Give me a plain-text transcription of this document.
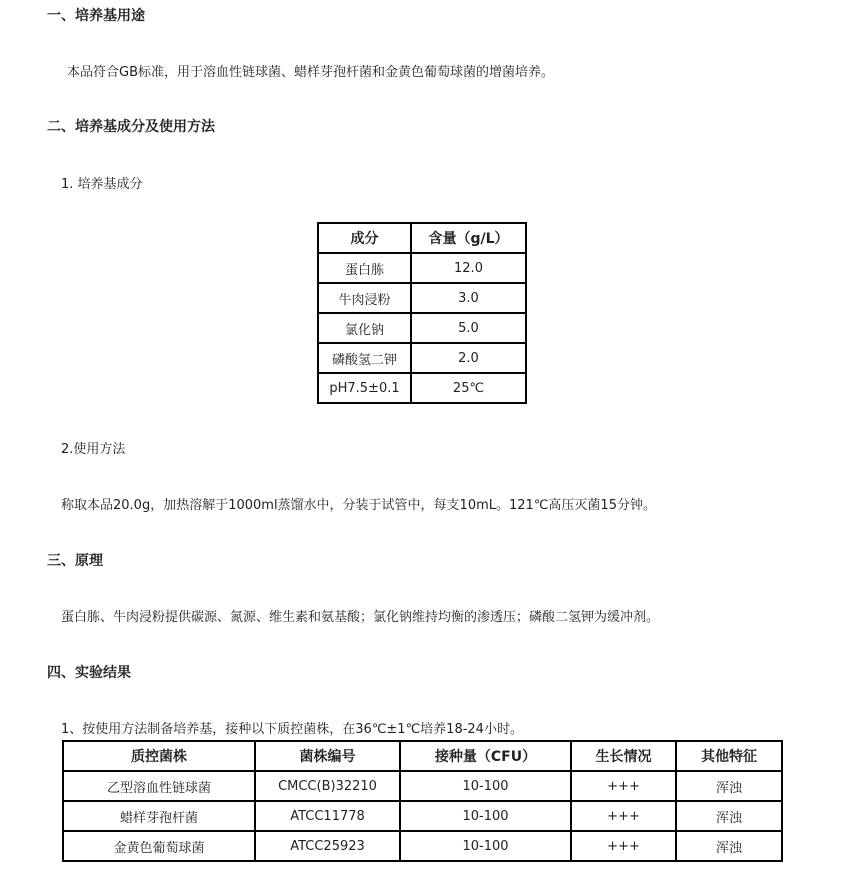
一、培养基用途
本品符合GB标准，用于溶血性链球菌、蜡样芽孢杆菌和金黄色葡萄球菌的增菌培养。
二、培养基成分及使用方法
1. 培养基成分
成分	含量（g/L）
蛋白胨	12.0
牛肉浸粉	3.0
氯化钠	5.0
磷酸氢二钾	2.0
pH7.5±0.1	25℃
2.使用方法
称取本品20.0g，加热溶解于1000ml蒸馏水中，分装于试管中，每支10mL。121℃高压灭菌15分钟。
三、原理
蛋白胨、牛肉浸粉提供碳源、氮源、维生素和氨基酸；氯化钠维持均衡的渗透压；磷酸二氢钾为缓冲剂。
四、实验结果
1、按使用方法制备培养基，接种以下质控菌株，在36℃±1℃培养18-24小时。
质控菌株	菌株编号	接种量（CFU）	生长情况	其他特征
乙型溶血性链球菌	CMCC(B)32210	10-100	+++	浑浊
蜡样芽孢杆菌	ATCC11778	10-100	+++	浑浊
金黄色葡萄球菌	ATCC25923	10-100	+++	浑浊
